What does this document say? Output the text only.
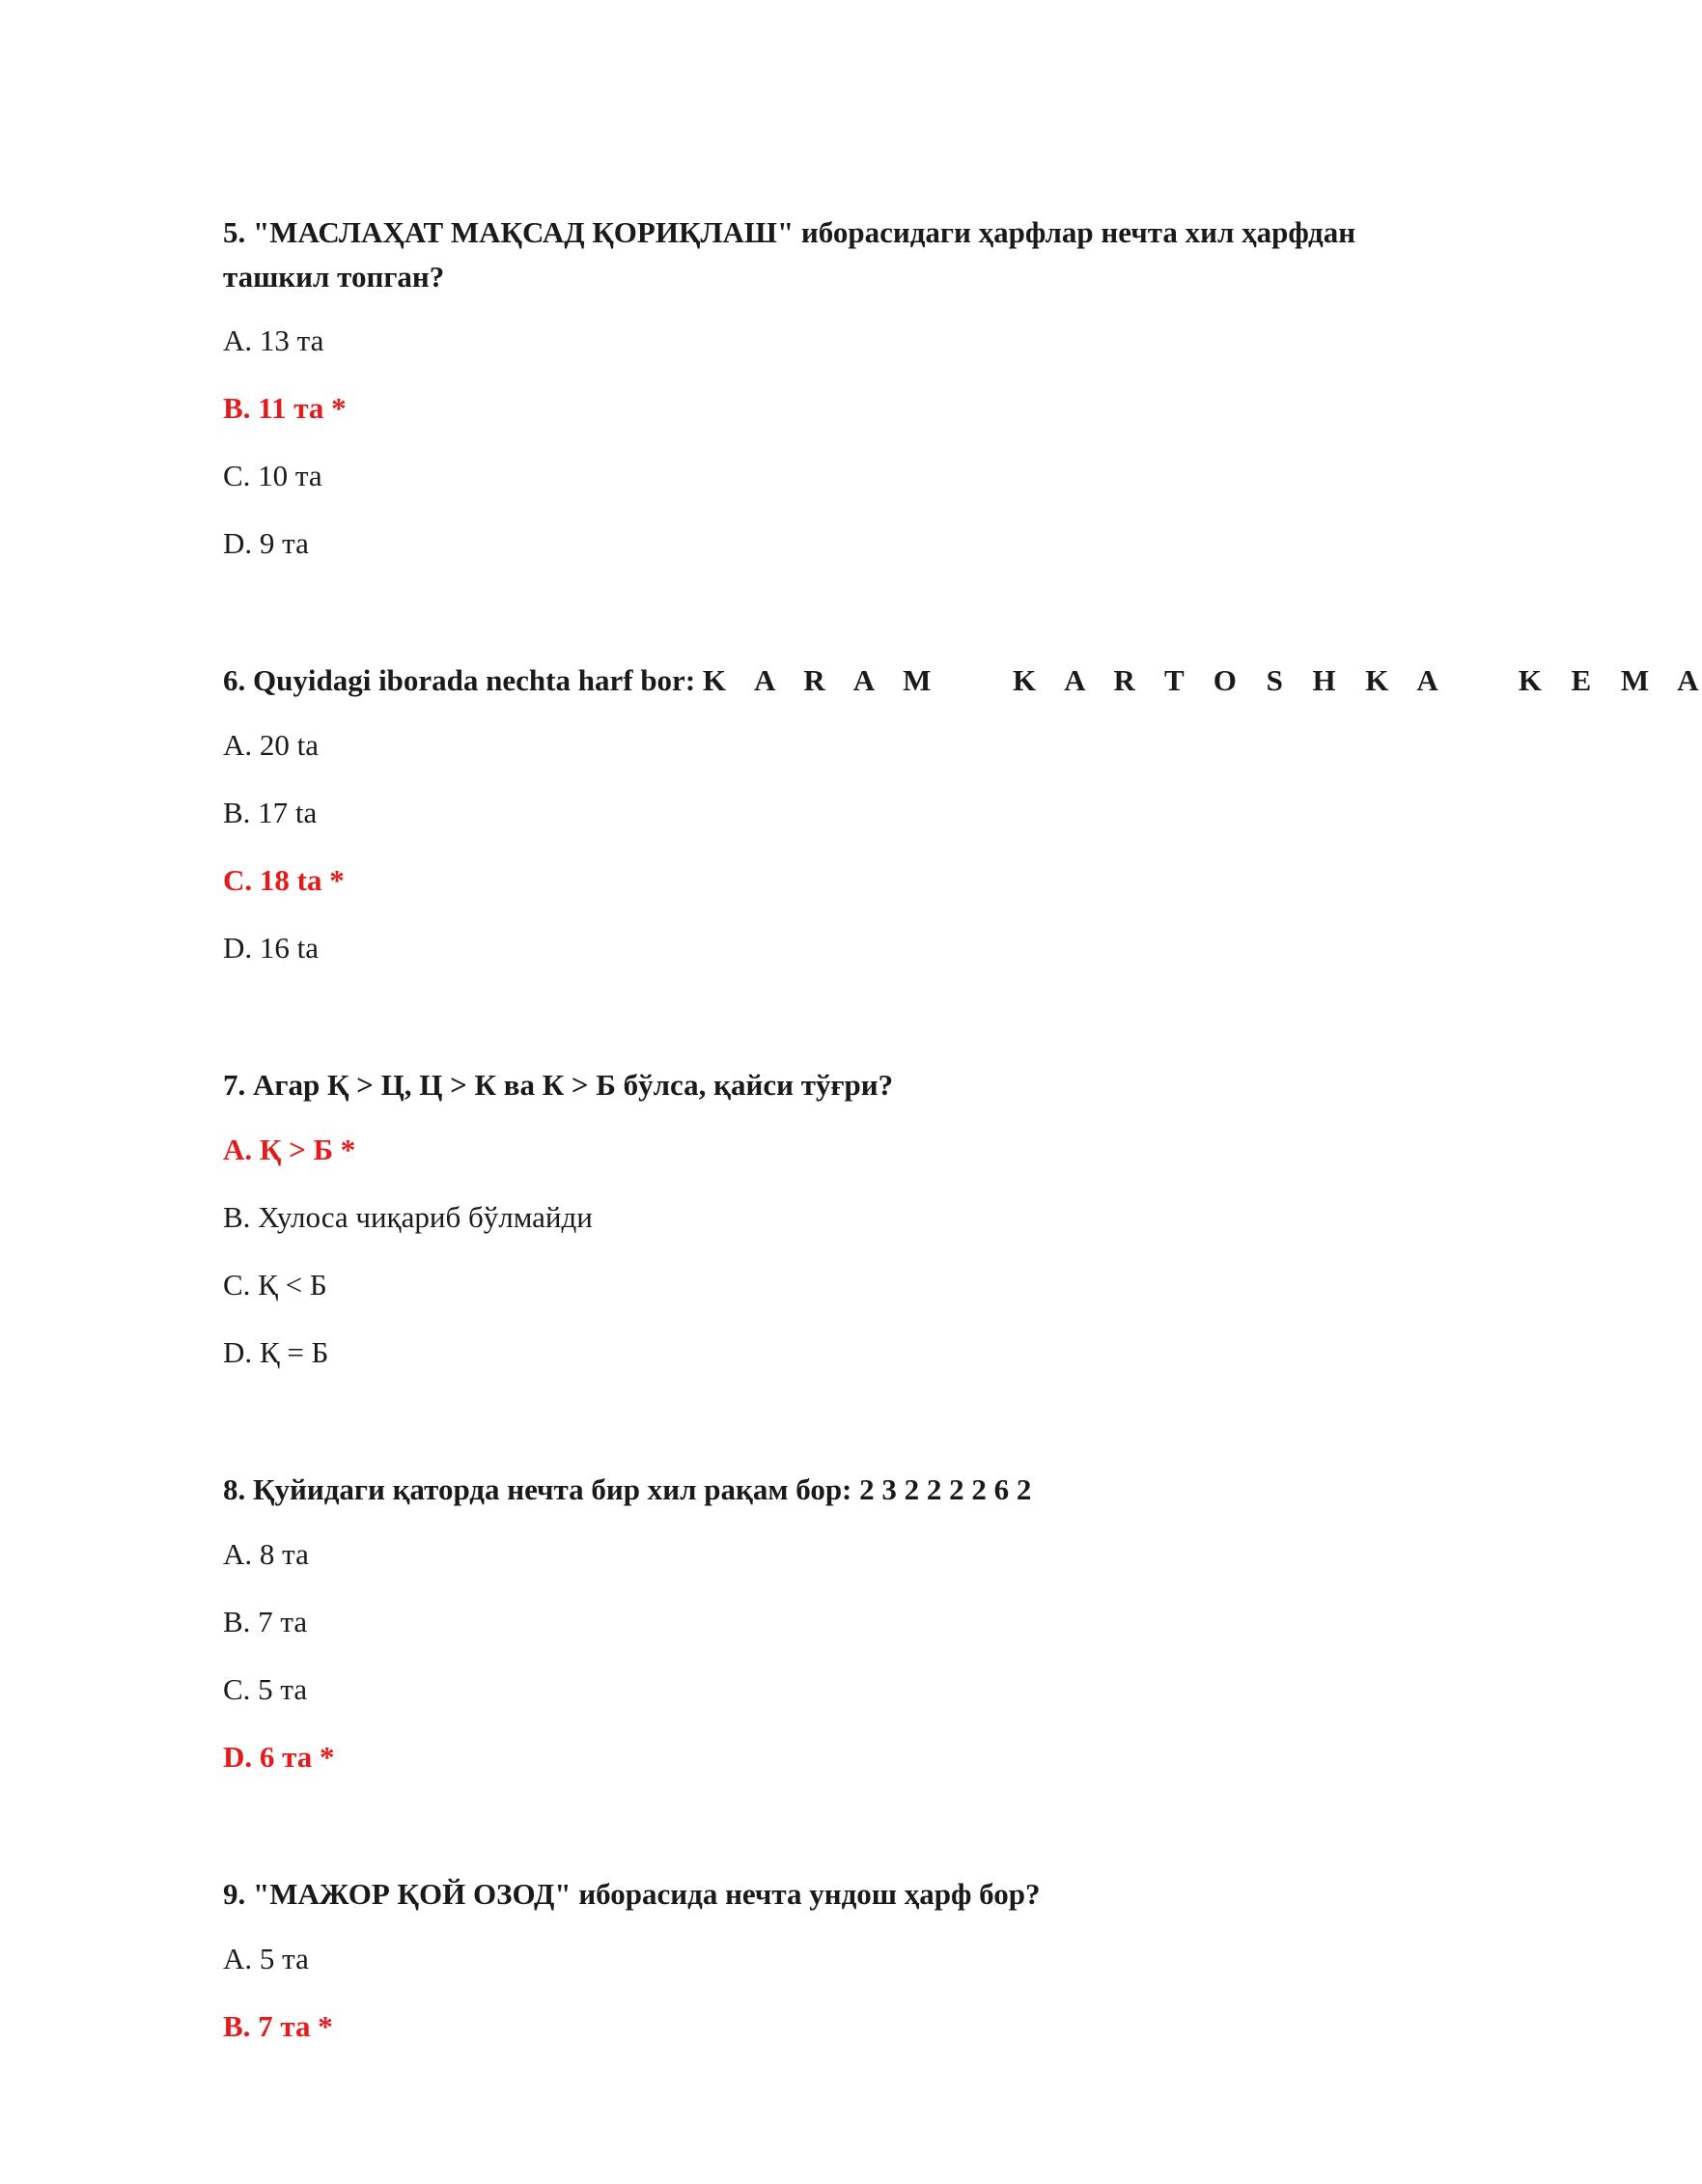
5. "МАСЛАҲАТ МАҚСАД ҚОРИҚЛАШ" иборасидаги ҳарфлар нечта хил ҳарфдан ташкил топган?

A. 13 та

B. 11 та *

C. 10 та

D. 9 та

6. Quyidagi iborada nechta harf bor: K A R A M   K A R T O S H K A   K E M A

A. 20 ta

B. 17 ta

C. 18 ta *

D. 16 ta

7. Агар Қ > Ц, Ц > К ва К > Б бўлса, қайси тўғри?

A. Қ > Б *

B. Хулоса чиқариб бўлмайди

C. Қ < Б

D. Қ = Б

8. Қуйидаги қаторда нечта бир хил рақам бор: 2 3 2 2 2 2 6 2

A. 8 та

B. 7 та

C. 5 та

D. 6 та *

9. "МАЖОР ҚОЙ ОЗОД" иборасида нечта ундош ҳарф бор?

A. 5 та

B. 7 та *
